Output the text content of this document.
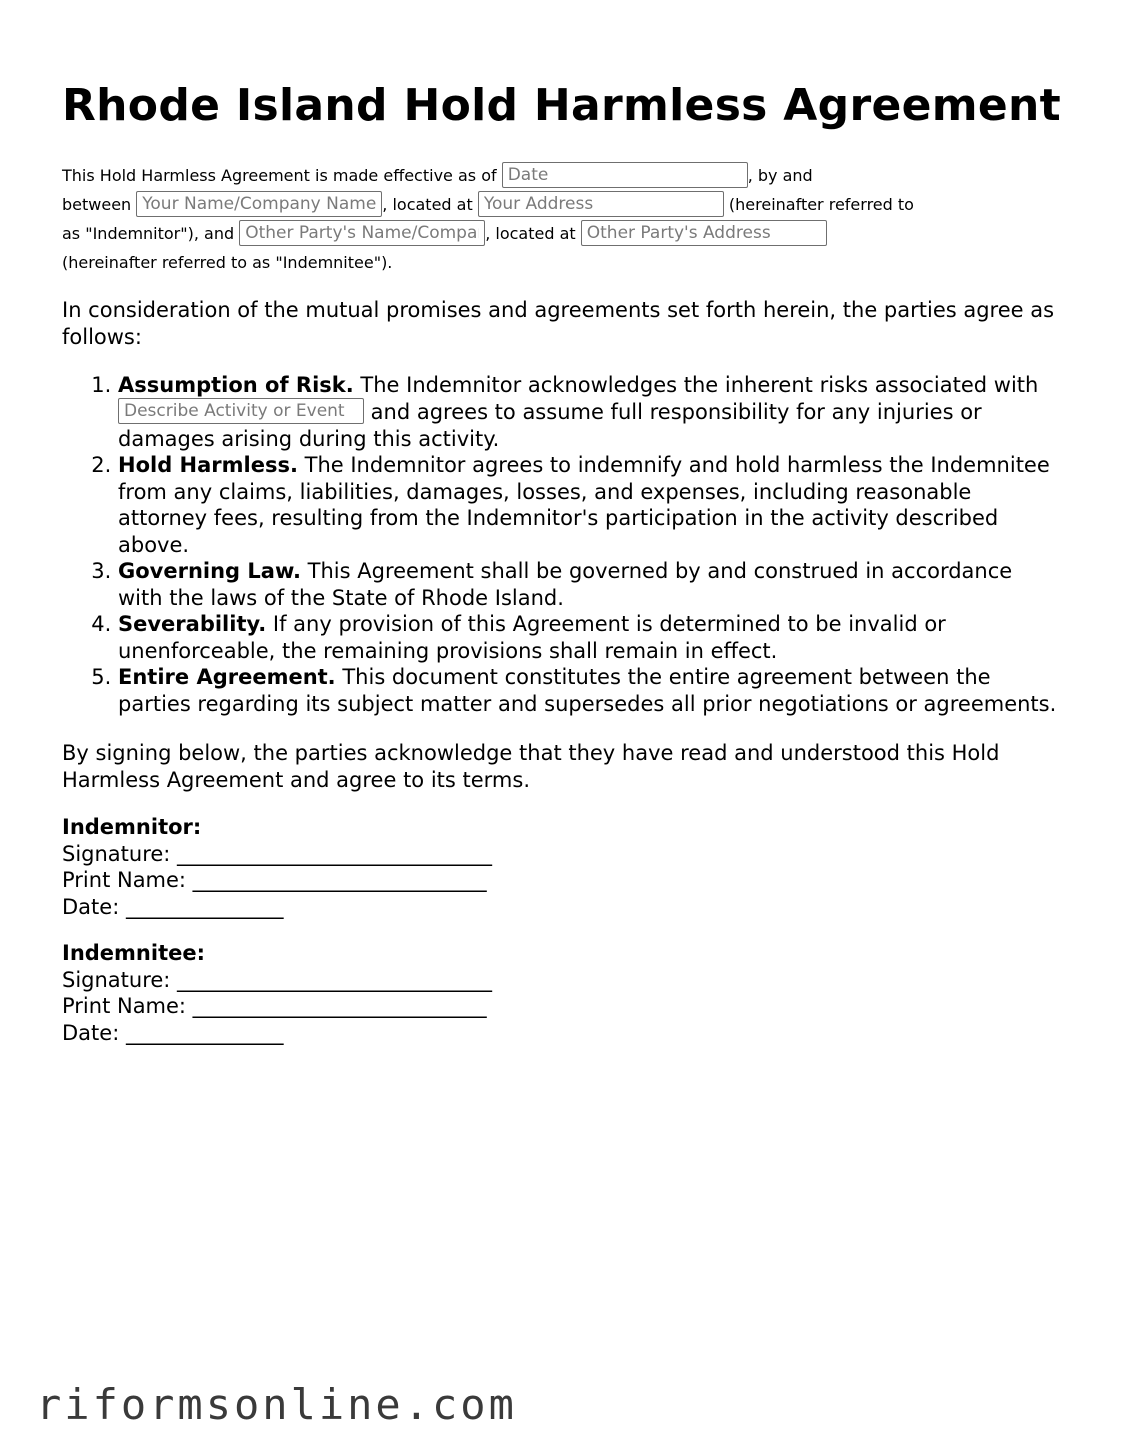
Rhode Island Hold Harmless Agreement
This Hold Harmless Agreement is made effective as of Date	, by and
between Your Name/Company Name	, located at Your Address	(hereinafter referred to
as "Indemnitor"), and Other Party's Name/Company Name	, located at Other Party's Address
(hereinafter referred to as "Indemnitee").

In consideration of the mutual promises and agreements set forth herein, the parties agree as follows:

1. Assumption of Risk. The Indemnitor acknowledges the inherent risks associated with Describe Activity or Event and agrees to assume full responsibility for any injuries or damages arising during this activity.
2. Hold Harmless. The Indemnitor agrees to indemnify and hold harmless the Indemnitee from any claims, liabilities, damages, losses, and expenses, including reasonable attorney fees, resulting from the Indemnitor's participation in the activity described above.
3. Governing Law. This Agreement shall be governed by and construed in accordance with the laws of the State of Rhode Island.
4. Severability. If any provision of this Agreement is determined to be invalid or unenforceable, the remaining provisions shall remain in effect.
5. Entire Agreement. This document constitutes the entire agreement between the parties regarding its subject matter and supersedes all prior negotiations or agreements.

By signing below, the parties acknowledge that they have read and understood this Hold Harmless Agreement and agree to its terms.

Indemnitor:

Signature: ______________________________

Print Name: ____________________________

Date: _______________

Indemnitee:

Signature: ______________________________

Print Name: ____________________________

Date: _______________

riformsonline.com
